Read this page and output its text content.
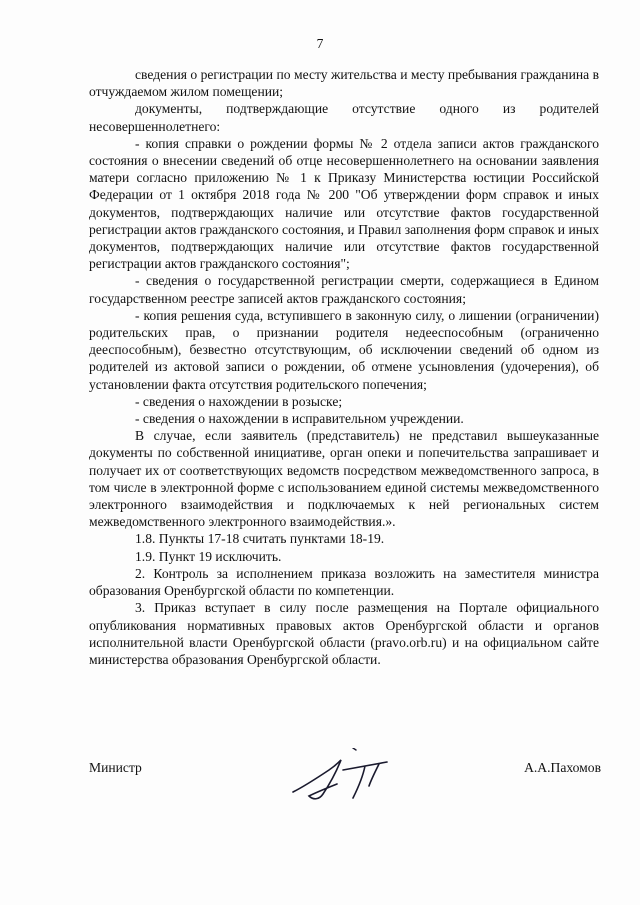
7

сведения о регистрации по месту жительства и месту пребывания гражданина в отчуждаемом жилом помещении;

документы, подтверждающие отсутствие одного из родителей несовершеннолетнего:

- копия справки о рождении формы № 2 отдела записи актов гражданского состояния о внесении сведений об отце несовершеннолетнего на основании заявления матери согласно приложению № 1 к Приказу Министерства юстиции Российской Федерации от 1 октября 2018 года № 200 "Об утверждении форм справок и иных документов, подтверждающих наличие или отсутствие фактов государственной регистрации актов гражданского состояния, и Правил заполнения форм справок и иных документов, подтверждающих наличие или отсутствие фактов государственной регистрации актов гражданского состояния";

- сведения о государственной регистрации смерти, содержащиеся в Едином государственном реестре записей актов гражданского состояния;

- копия решения суда, вступившего в законную силу, о лишении (ограничении) родительских прав, о признании родителя недееспособным (ограниченно дееспособным), безвестно отсутствующим, об исключении сведений об одном из родителей из актовой записи о рождении, об отмене усыновления (удочерения), об установлении факта отсутствия родительского попечения;

- сведения о нахождении в розыске;

- сведения о нахождении в исправительном учреждении.

В случае, если заявитель (представитель) не представил вышеуказанные документы по собственной инициативе, орган опеки и попечительства запрашивает и получает их от соответствующих ведомств посредством межведомственного запроса, в том числе в электронной форме с использованием единой системы межведомственного электронного взаимодействия и подключаемых к ней региональных систем межведомственного электронного взаимодействия.».

1.8. Пункты 17-18 считать пунктами 18-19.

1.9. Пункт 19 исключить.

2. Контроль за исполнением приказа возложить на заместителя министра образования Оренбургской области по компетенции.

3. Приказ вступает в силу после размещения на Портале официального опубликования нормативных правовых актов Оренбургской области и органов исполнительной власти Оренбургской области (pravo.orb.ru) и на официальном сайте министерства образования Оренбургской области.

Министр	А.А.Пахомов
